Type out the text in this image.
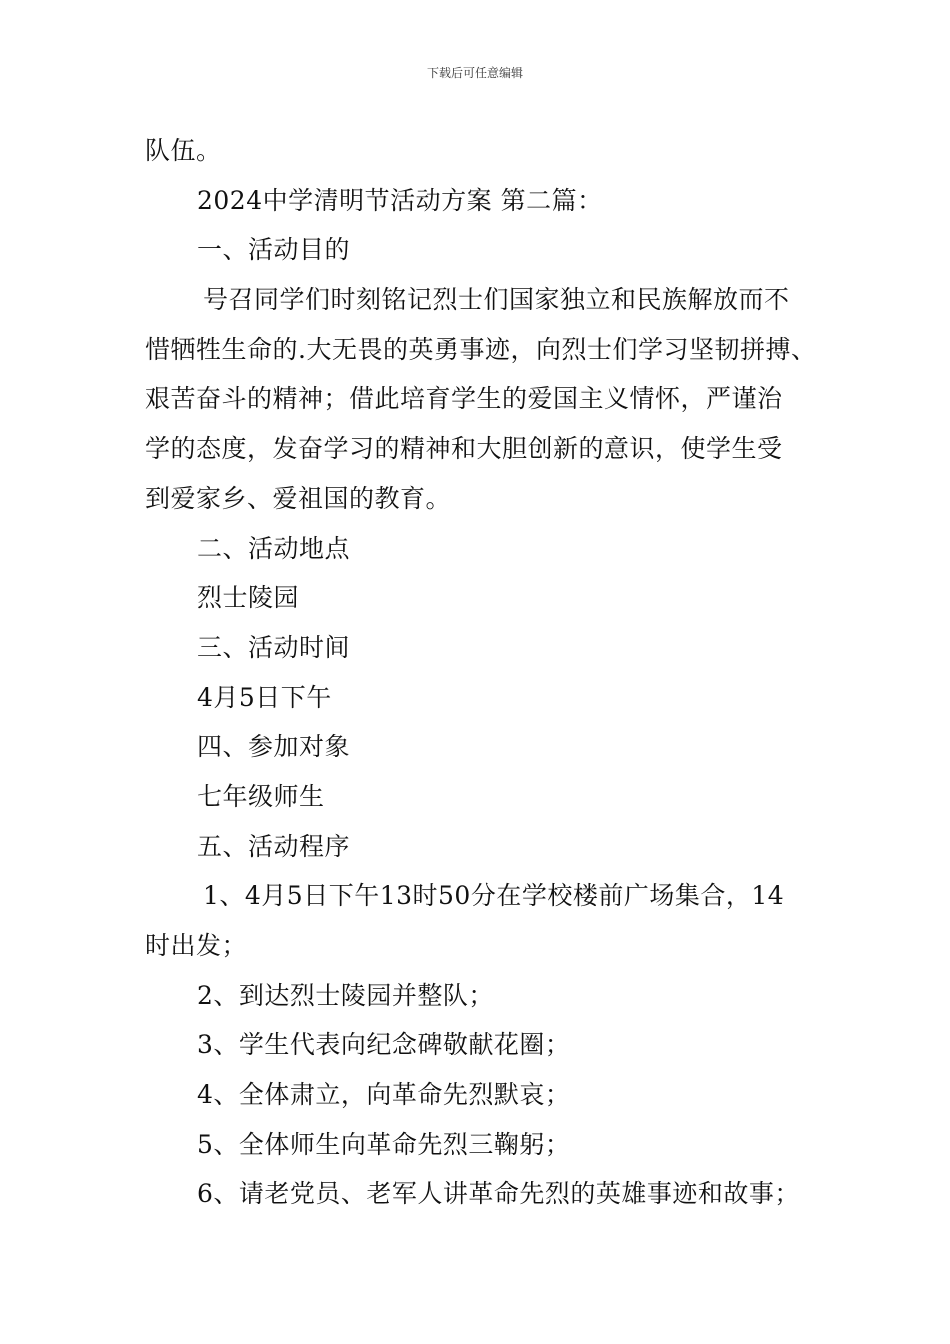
下载后可任意编辑
队伍。
2024中学清明节活动方案 第二篇：
一、活动目的
号召同学们时刻铭记烈士们国家独立和民族解放而不
惜牺牲生命的.大无畏的英勇事迹，向烈士们学习坚韧拼搏、
艰苦奋斗的精神；借此培育学生的爱国主义情怀，严谨治
学的态度，发奋学习的精神和大胆创新的意识，使学生受
到爱家乡、爱祖国的教育。
二、活动地点
烈士陵园
三、活动时间
4月5日下午
四、参加对象
七年级师生
五、活动程序
1、4月5日下午13时50分在学校楼前广场集合，14
时出发；
2、到达烈士陵园并整队；
3、学生代表向纪念碑敬献花圈；
4、全体肃立，向革命先烈默哀；
5、全体师生向革命先烈三鞠躬；
6、请老党员、老军人讲革命先烈的英雄事迹和故事；
